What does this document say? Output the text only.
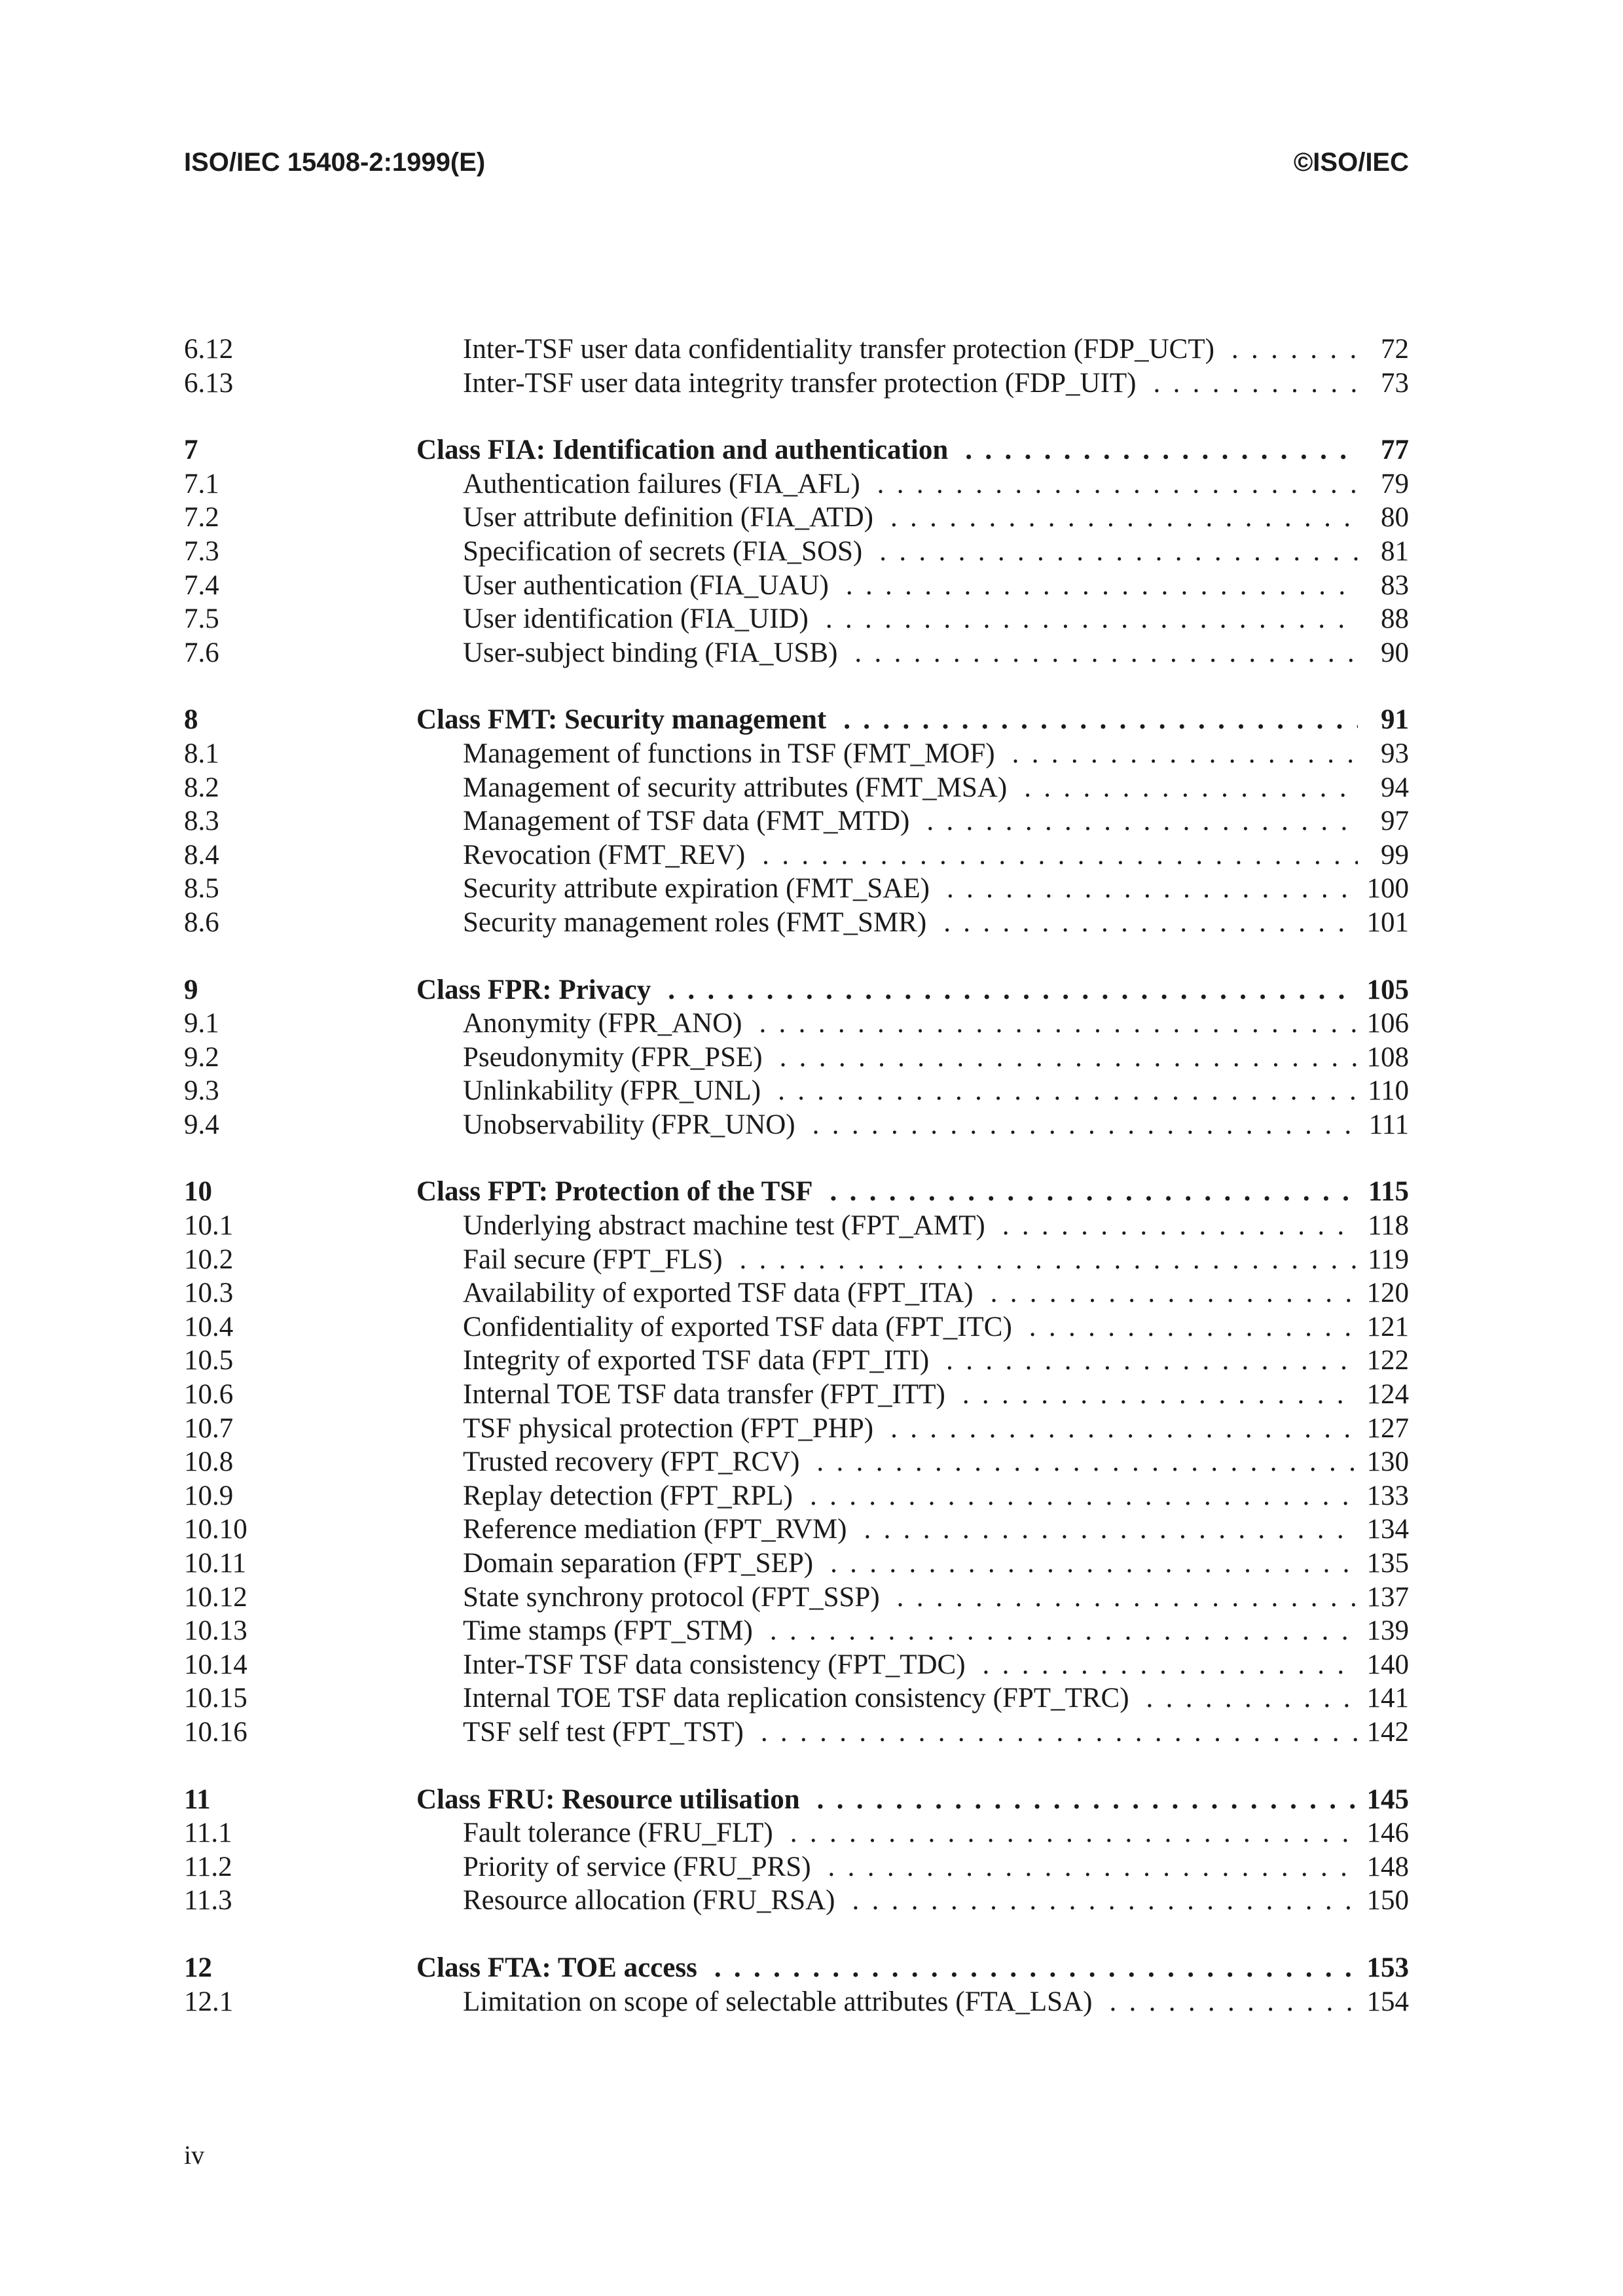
ISO/IEC 15408-2:1999(E)	©ISO/IEC
6.12	Inter-TSF user data confidentiality transfer protection (FDP_UCT) . . .	72
6.13	Inter-TSF user data integrity transfer protection (FDP_UIT) . . .	73
7	Class FIA: Identification and authentication . . .	77
7.1	Authentication failures (FIA_AFL) . . .	79
7.2	User attribute definition (FIA_ATD) . . .	80
7.3	Specification of secrets (FIA_SOS) . . .	81
7.4	User authentication (FIA_UAU) . . .	83
7.5	User identification (FIA_UID) . . .	88
7.6	User-subject binding (FIA_USB) . . .	90
8	Class FMT: Security management . . .	91
8.1	Management of functions in TSF (FMT_MOF) . . .	93
8.2	Management of security attributes (FMT_MSA) . . .	94
8.3	Management of TSF data (FMT_MTD) . . .	97
8.4	Revocation (FMT_REV) . . .	99
8.5	Security attribute expiration (FMT_SAE) . . .	100
8.6	Security management roles (FMT_SMR) . . .	101
9	Class FPR: Privacy . . .	105
9.1	Anonymity (FPR_ANO) . . .	106
9.2	Pseudonymity (FPR_PSE) . . .	108
9.3	Unlinkability (FPR_UNL) . . .	110
9.4	Unobservability (FPR_UNO) . . .	111
10	Class FPT: Protection of the TSF . . .	115
10.1	Underlying abstract machine test (FPT_AMT) . . .	118
10.2	Fail secure (FPT_FLS) . . .	119
10.3	Availability of exported TSF data (FPT_ITA) . . .	120
10.4	Confidentiality of exported TSF data (FPT_ITC) . . .	121
10.5	Integrity of exported TSF data (FPT_ITI) . . .	122
10.6	Internal TOE TSF data transfer (FPT_ITT) . . .	124
10.7	TSF physical protection (FPT_PHP) . . .	127
10.8	Trusted recovery (FPT_RCV) . . .	130
10.9	Replay detection (FPT_RPL) . . .	133
10.10	Reference mediation (FPT_RVM) . . .	134
10.11	Domain separation (FPT_SEP) . . .	135
10.12	State synchrony protocol (FPT_SSP) . . .	137
10.13	Time stamps (FPT_STM) . . .	139
10.14	Inter-TSF TSF data consistency (FPT_TDC) . . .	140
10.15	Internal TOE TSF data replication consistency (FPT_TRC) . . .	141
10.16	TSF self test (FPT_TST) . . .	142
11	Class FRU: Resource utilisation . . .	145
11.1	Fault tolerance (FRU_FLT) . . .	146
11.2	Priority of service (FRU_PRS) . . .	148
11.3	Resource allocation (FRU_RSA) . . .	150
12	Class FTA: TOE access . . .	153
12.1	Limitation on scope of selectable attributes (FTA_LSA) . . .	154
iv
